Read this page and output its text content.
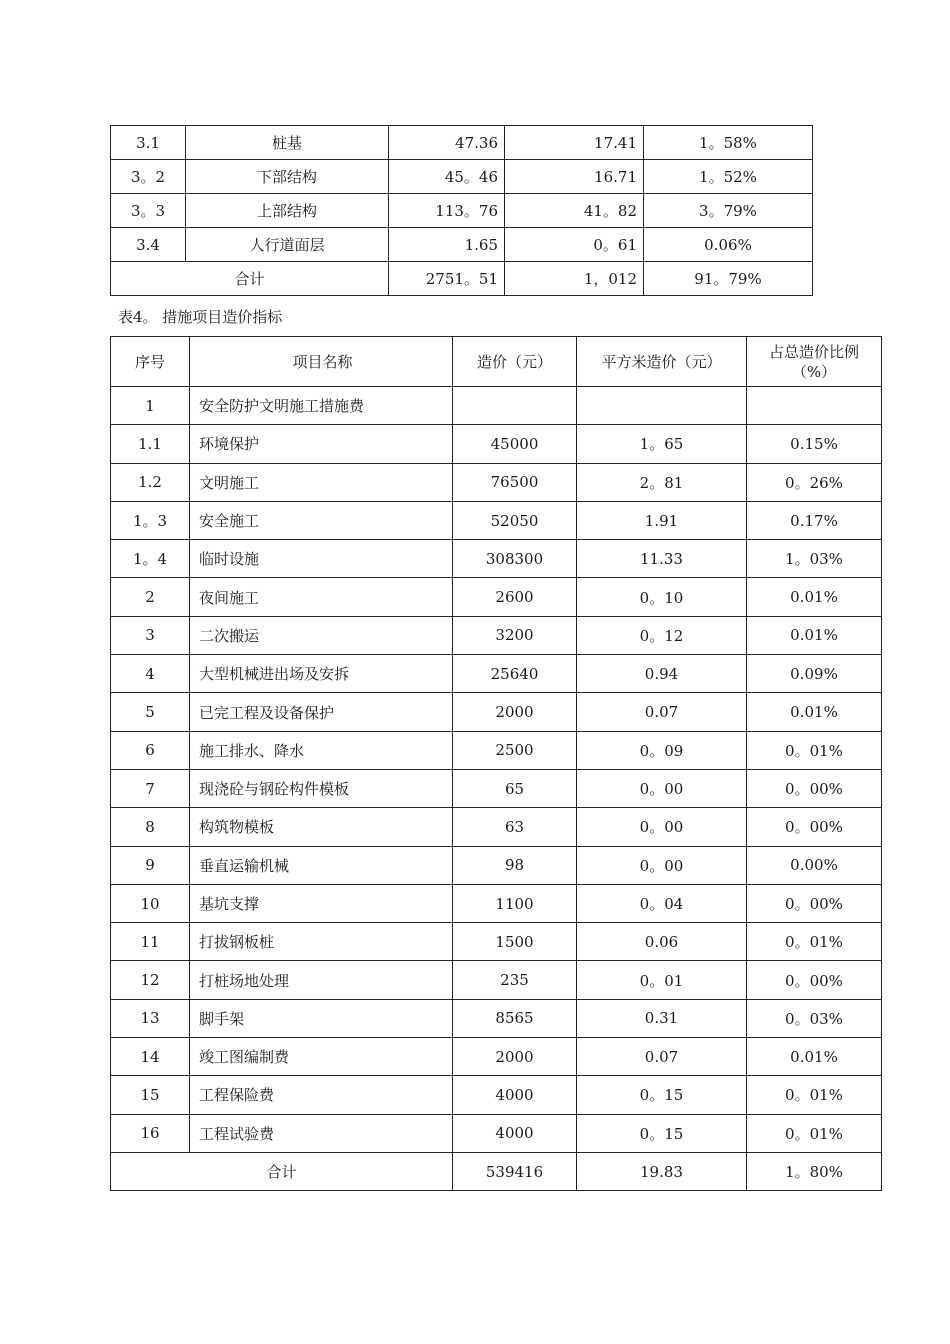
3.1	桩基	47.36	17.41	1。58%
3。2	下部结构	45。46	16.71	1。52%
3。3	上部结构	113。76	41。82	3。79%
3.4	人行道面层	1.65	0。61	0.06%
合计		2751。51	1，012	91。79%
表4。 措施项目造价指标
序号	项目名称	造价（元）	平方米造价（元）	占总造价比例（%）
1	安全防护文明施工措施费			
1.1	环境保护	45000	1。65	0.15%
1.2	文明施工	76500	2。81	0。26%
1。3	安全施工	52050	1.91	0.17%
1。4	临时设施	308300	11.33	1。03%
2	夜间施工	2600	0。10	0.01%
3	二次搬运	3200	0。12	0.01%
4	大型机械进出场及安拆	25640	0.94	0.09%
5	已完工程及设备保护	2000	0.07	0.01%
6	施工排水、降水	2500	0。09	0。01%
7	现浇砼与钢砼构件模板	65	0。00	0。00%
8	构筑物模板	63	0。00	0。00%
9	垂直运输机械	98	0。00	0.00%
10	基坑支撑	1100	0。04	0。00%
11	打拔钢板桩	1500	0.06	0。01%
12	打桩场地处理	235	0。01	0。00%
13	脚手架	8565	0.31	0。03%
14	竣工图编制费	2000	0.07	0.01%
15	工程保险费	4000	0。15	0。01%
16	工程试验费	4000	0。15	0。01%
合计		539416	19.83	1。80%
